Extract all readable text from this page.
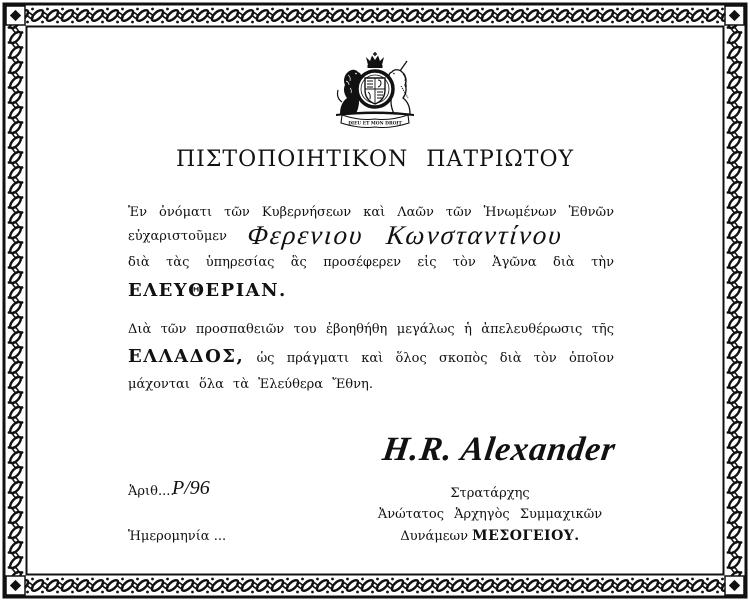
DIEU ET MON DROIT
ΠΙΣΤΟΠΟΙΗΤΙΚΟΝ ΠΑΤΡΙΩΤΟΥ
Ἐν ὀνόματι τῶν Κυβερνήσεων καὶ Λαῶν τῶν Ἡνωμένων Ἐθνῶν
εὐχαριστοῦμεν Φερενιου Κωνσταντίνου
διὰ τὰς ὑπηρεσίας ἃς προσέφερεν εἰς τὸν Ἀγῶνα διὰ τὴν
ΕΛΕΥΘΕΡΙΑΝ.
Διὰ τῶν προσπαθειῶν του ἐβοηθήθη μεγάλως ἡ ἀπελευθέρωσις τῆς
ΕΛΛΑΔΟΣ, ὡς πράγματι καὶ ὅλος σκοπὸς διὰ τὸν ὁποῖον
μάχονται ὅλα τὰ Ἐλεύθερα Ἔθνη.
H.R. Alexander
Ἀριθ....
P/96	Στρατάρχης
Ἀνώτατος Ἀρχηγὸς Συμμαχικῶν
Δυνάμεων ΜΕΣΟΓΕΙΟΥ.
Ἡμερομηνία ...
